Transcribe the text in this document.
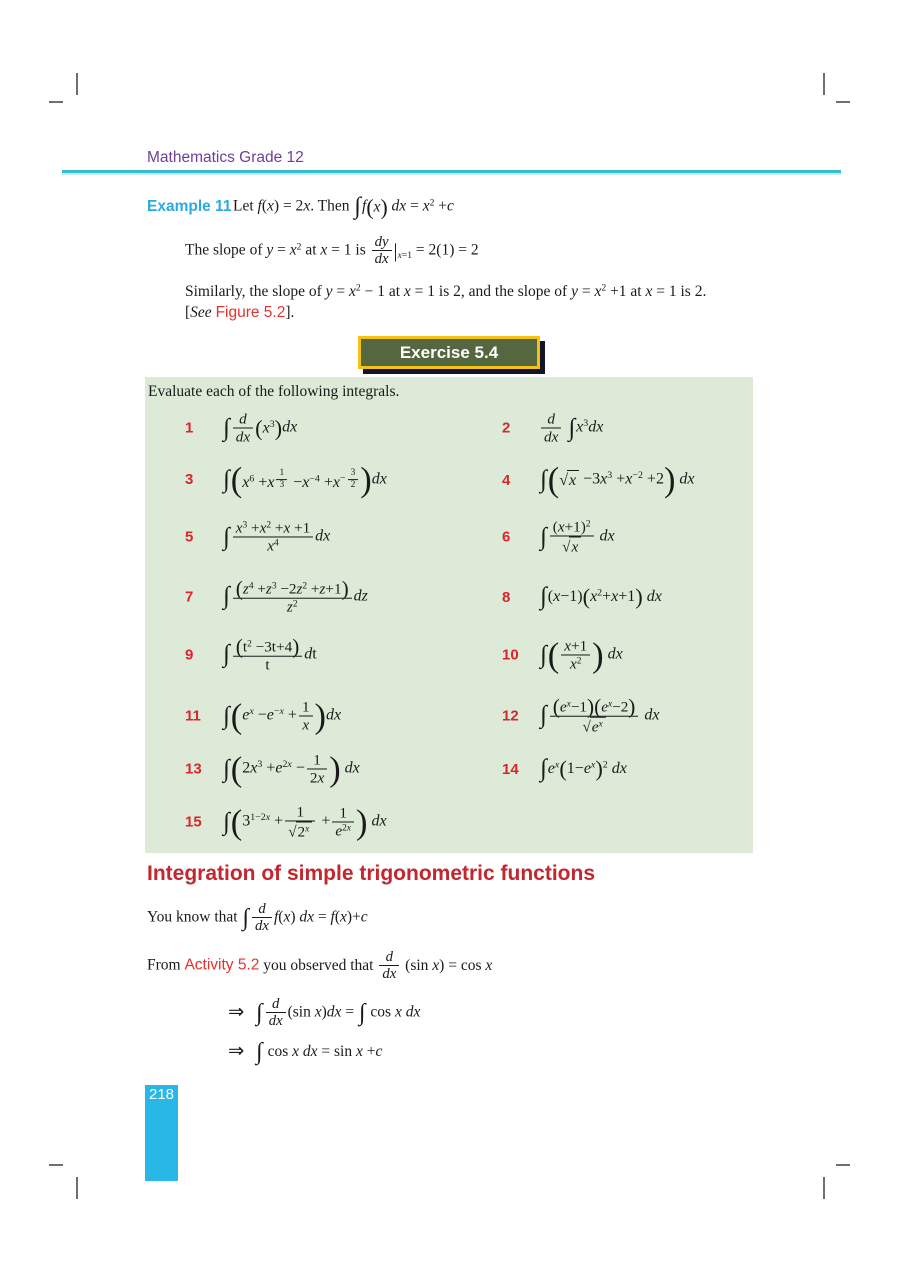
Mathematics Grade 12
Example 11 Let f(x) = 2x. Then ∫f(x) dx = $x^2 +c$
The slope of $y = x^2$ at x = 1 is $\frac{dy}{dx} |_{x=1} = 2(1) = 2$
Similarly, the slope of $y = x^2 - 1$ at x = 1 is 2, and the slope of $y = x^2 +1$ at x = 1 is 2.
[See Figure 5.2].
Exercise 5.4
Evaluate each of the following integrals.
1	∫ $\frac{d}{dx} (x^3)dx$	2	$\frac{d}{dx} \int x^3dx$
3	$\int(x^6 +x$ $^{\frac{1}{3}} -x^{-4} +x^{- \frac{3}{2}}$ )dx	4	$\int(√x -3x^3 +x^{-2} +2)$ dx
5	∫ $\frac{x^3 +x^2 +x +1}{x^4}$ dx	6	∫ $\frac{(x+1)^2}{√x}$ dx
7	∫ $\frac{(z^4 +z^3 -2z^2 +z+1)}{z^2}$ dz	8	$\int(x-1)(x^2+x+1)$ dx
9	∫ $\frac{(t^2 -3t+4)}{t}$ dt	10 ∫( $\frac{x+1}{x^2}$ ) dx
11 $\int(e^x -e^{-x} + \frac{1}{x} )dx$	12 ∫ $\frac{(e^x-1)(e^x-2)}{√e^x}$ dx
13 $\int(2x^3 +e^{2x} - \frac{1}{2x}$ ) dx	14 $\int e^x(1-e^x)^2$ dx
15 $\int(3^{1-2x} + \frac{1}{√2^x} + \frac{1}{e^{2x}}$ ) dx
Integration of simple trigonometric functions
You know that ∫ $\frac{d}{dx} f(x)$ dx = f(x)+c
From Activity 5.2 you observed that $\frac{d}{dx} (\sin$ x) = cos x
⇒ ∫ $\frac{d}{dx} (\sin$ x)dx = ∫ cos x dx
⇒ ∫ cos x dx = sin x +c
218
